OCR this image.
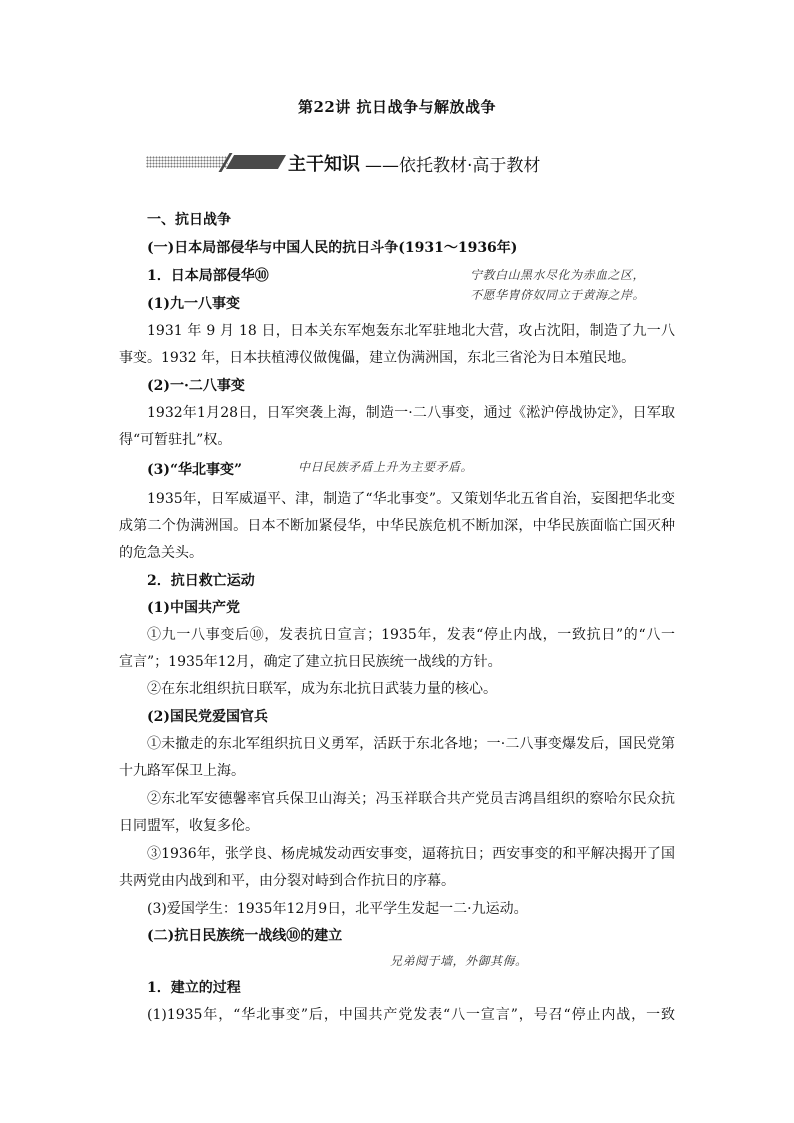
第22讲 抗日战争与解放战争
主干知识 ——依托教材·高于教材
一、抗日战争
(一)日本局部侵华与中国人民的抗日斗争(1931～1936年)
1．日本局部侵华⑩
(1)九一八事变
1931 年 9 月 18 日，日本关东军炮轰东北军驻地北大营，攻占沈阳，制造了九一八
事变。1932 年，日本扶植溥仪做傀儡，建立伪满洲国，东北三省沦为日本殖民地。
(2)一·二八事变
1932年1月28日，日军突袭上海，制造一·二八事变，通过《淞沪停战协定》，日军取
得“可暂驻扎”权。
(3)“华北事变”
1935年，日军威逼平、津，制造了“华北事变”。又策划华北五省自治，妄图把华北变
成第二个伪满洲国。日本不断加紧侵华，中华民族危机不断加深，中华民族面临亡国灭种
的危急关头。
2．抗日救亡运动
(1)中国共产党
①九一八事变后⑩，发表抗日宣言；1935年，发表“停止内战，一致抗日”的“八一
宣言”；1935年12月，确定了建立抗日民族统一战线的方针。
②在东北组织抗日联军，成为东北抗日武装力量的核心。
(2)国民党爱国官兵
①未撤走的东北军组织抗日义勇军，活跃于东北各地；一·二八事变爆发后，国民党第
十九路军保卫上海。
②东北军安德馨率官兵保卫山海关；冯玉祥联合共产党员吉鸿昌组织的察哈尔民众抗
日同盟军，收复多伦。
③1936年，张学良、杨虎城发动西安事变，逼蒋抗日；西安事变的和平解决揭开了国
共两党由内战到和平，由分裂对峙到合作抗日的序幕。
(3)爱国学生：1935年12月9日，北平学生发起一二·九运动。
(二)抗日民族统一战线⑩的建立
1．建立的过程
(1)1935年，“华北事变”后，中国共产党发表“八一宣言”，号召“停止内战，一致
宁教白山黑水尽化为赤血之区，
不愿华胄侪奴同立于黄海之岸。
中日民族矛盾上升为主要矛盾。
兄弟阋于墙，外御其侮。
